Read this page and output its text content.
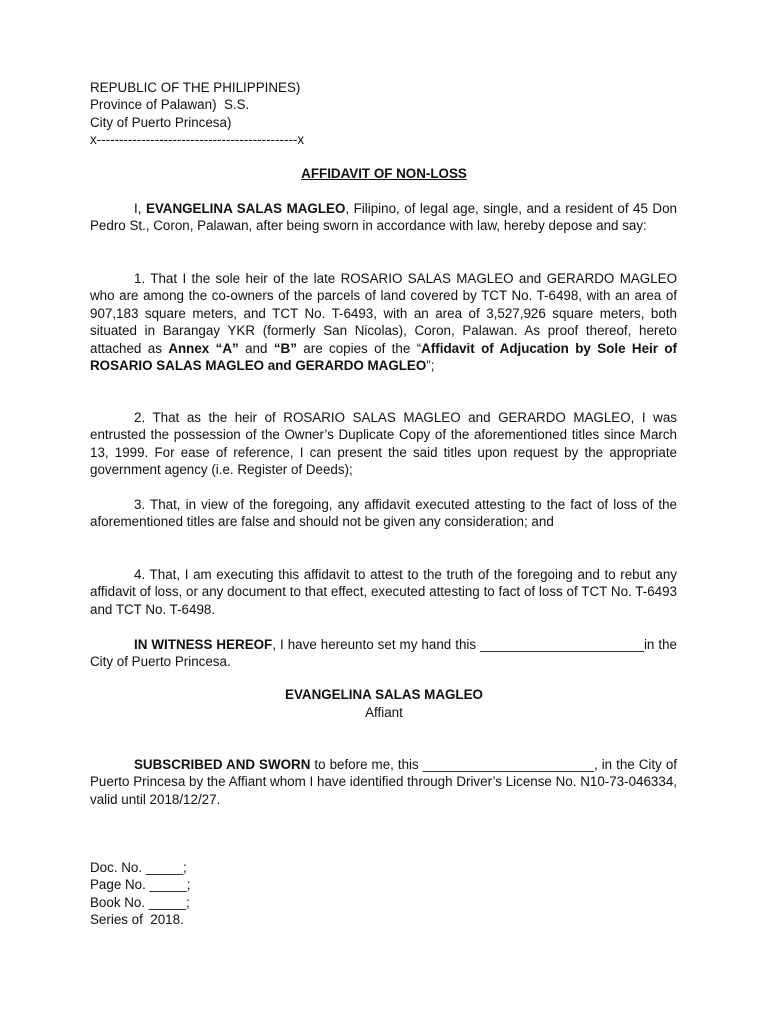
REPUBLIC OF THE PHILIPPINES)
Province of Palawan)  S.S.
City of Puerto Princesa)
x---------------------------------------------x
AFFIDAVIT OF NON-LOSS

I, EVANGELINA SALAS MAGLEO, Filipino, of legal age, single, and a resident of 45 Don Pedro St., Coron, Palawan, after being sworn in accordance with law, hereby depose and say:

1. That I the sole heir of the late ROSARIO SALAS MAGLEO and GERARDO MAGLEO who are among the co-owners of the parcels of land covered by TCT No. T-6498, with an area of 907,183 square meters, and TCT No. T-6493, with an area of 3,527,926 square meters, both situated in Barangay YKR (formerly San Nicolas), Coron, Palawan. As proof thereof, hereto attached as Annex “A” and “B” are copies of the “Affidavit of Adjucation by Sole Heir of ROSARIO SALAS MAGLEO and GERARDO MAGLEO”;

2. That as the heir of ROSARIO SALAS MAGLEO and GERARDO MAGLEO, I was entrusted the possession of the Owner’s Duplicate Copy of the aforementioned titles since March 13, 1999. For ease of reference, I can present the said titles upon request by the appropriate government agency (i.e. Register of Deeds);

3. That, in view of the foregoing, any affidavit executed attesting to the fact of loss of the aforementioned titles are false and should not be given any consideration; and

4. That, I am executing this affidavit to attest to the truth of the foregoing and to rebut any affidavit of loss, or any document to that effect, executed attesting to fact of loss of TCT No. T-6493 and TCT No. T-6498.

IN WITNESS HEREOF, I have hereunto set my hand this ______________________in the City of Puerto Princesa.

EVANGELINA SALAS MAGLEO
Affiant

SUBSCRIBED AND SWORN to before me, this _______________________, in the City of Puerto Princesa by the Affiant whom I have identified through Driver’s License No. N10-73-046334, valid until 2018/12/27.

Doc. No. _____;
Page No. _____;
Book No. _____;
Series of  2018.
